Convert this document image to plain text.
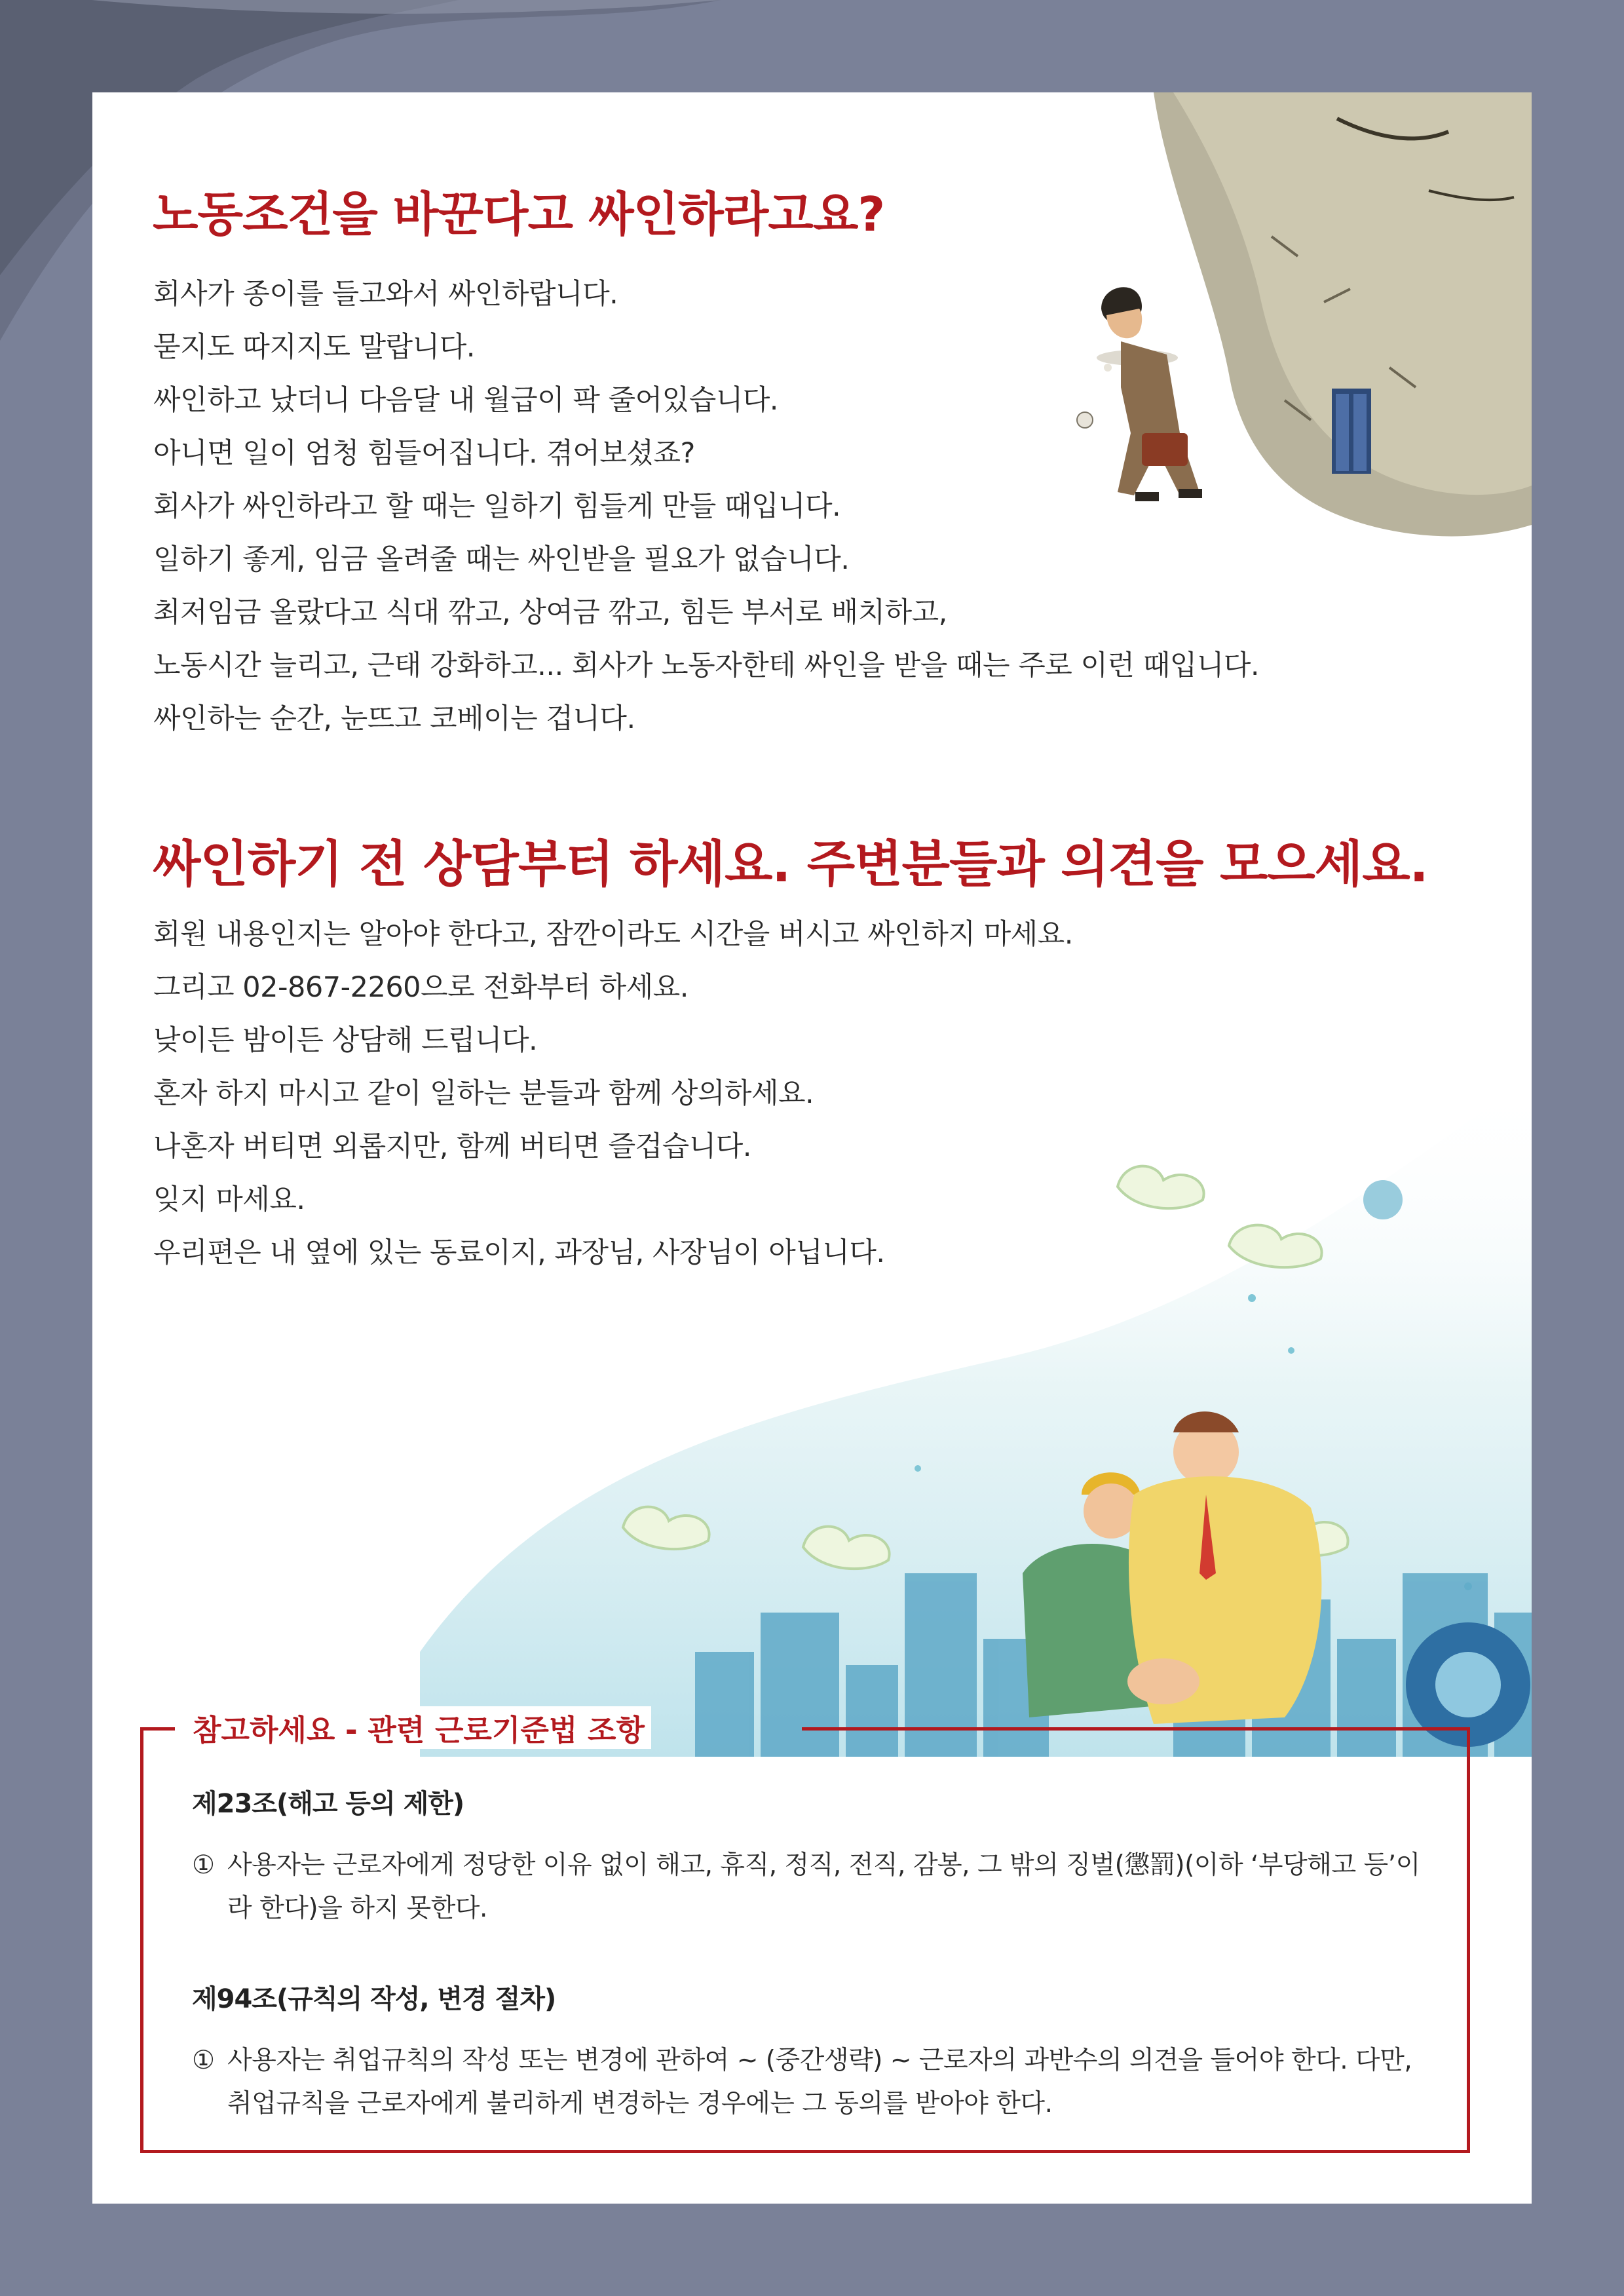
노동조건을 바꾼다고 싸인하라고요?
회사가 종이를 들고와서 싸인하랍니다.
묻지도 따지지도 말랍니다.
싸인하고 났더니 다음달 내 월급이 팍 줄어있습니다.
아니면 일이 엄청 힘들어집니다. 겪어보셨죠?
회사가 싸인하라고 할 때는 일하기 힘들게 만들 때입니다.
일하기 좋게, 임금 올려줄 때는 싸인받을 필요가 없습니다.
최저임금 올랐다고 식대 깎고, 상여금 깎고, 힘든 부서로 배치하고,
노동시간 늘리고, 근태 강화하고... 회사가 노동자한테 싸인을 받을 때는 주로 이런 때입니다.
싸인하는 순간, 눈뜨고 코베이는 겁니다.
싸인하기 전 상담부터 하세요. 주변분들과 의견을 모으세요.
회원 내용인지는 알아야 한다고, 잠깐이라도 시간을 버시고 싸인하지 마세요.
그리고 02-867-2260으로 전화부터 하세요.
낮이든 밤이든 상담해 드립니다.
혼자 하지 마시고 같이 일하는 분들과 함께 상의하세요.
나혼자 버티면 외롭지만, 함께 버티면 즐겁습니다.
잊지 마세요.
우리편은 내 옆에 있는 동료이지, 과장님, 사장님이 아닙니다.
참고하세요 - 관련 근로기준법 조항
제23조(해고 등의 제한)
① 사용자는 근로자에게 정당한 이유 없이 해고, 휴직, 정직, 전직, 감봉, 그 밖의 징벌(懲罰)(이하 ‘부당해고 등’이라 한다)을 하지 못한다.
제94조(규칙의 작성, 변경 절차)
① 사용자는 취업규칙의 작성 또는 변경에 관하여 ~ (중간생략) ~ 근로자의 과반수의 의견을 들어야 한다. 다만, 취업규칙을 근로자에게 불리하게 변경하는 경우에는 그 동의를 받아야 한다.
